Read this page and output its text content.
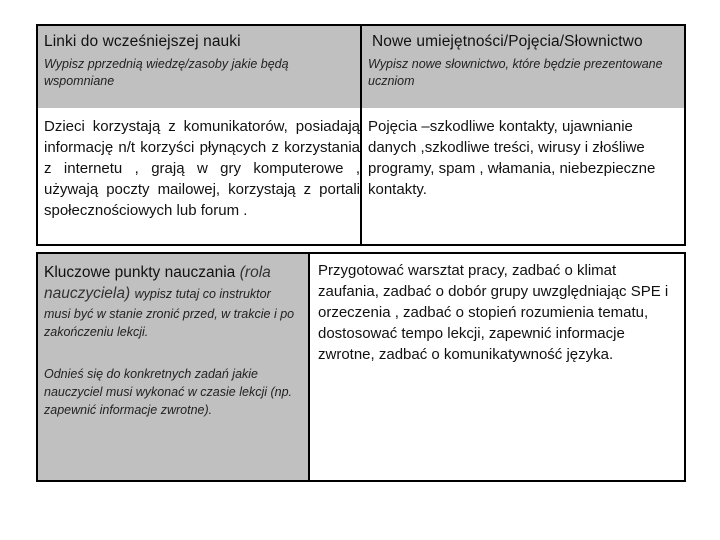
Linki do wcześniejszej nauki
Wypisz pprzednią wiedzę/zasoby jakie będą wspomniane
Nowe umiejętności/Pojęcia/Słownictwo
Wypisz nowe słownictwo, które będzie prezentowane uczniom
Dzieci korzystają z komunikatorów, posiadają informację n/t korzyści płynących z korzystania z internetu , grają w gry komputerowe , używają poczty mailowej, korzystają z portali społecznościowych lub forum .
Pojęcia –szkodliwe kontakty, ujawnianie danych ,szkodliwe treści, wirusy i złośliwe programy, spam , włamania, niebezpieczne kontakty.
Kluczowe punkty nauczania (rola nauczyciela) wypisz tutaj co instruktor
musi być w stanie zronić przed, w trakcie i po zakończeniu lekcji.
Odnieś się do konkretnych zadań jakie nauczyciel musi wykonać w czasie lekcji (np. zapewnić informacje zwrotne).
Przygotować warsztat pracy, zadbać o klimat zaufania, zadbać o dobór grupy uwzględniając SPE i orzeczenia , zadbać o stopień rozumienia tematu, dostosować tempo lekcji, zapewnić informacje zwrotne, zadbać o komunikatywność języka.
